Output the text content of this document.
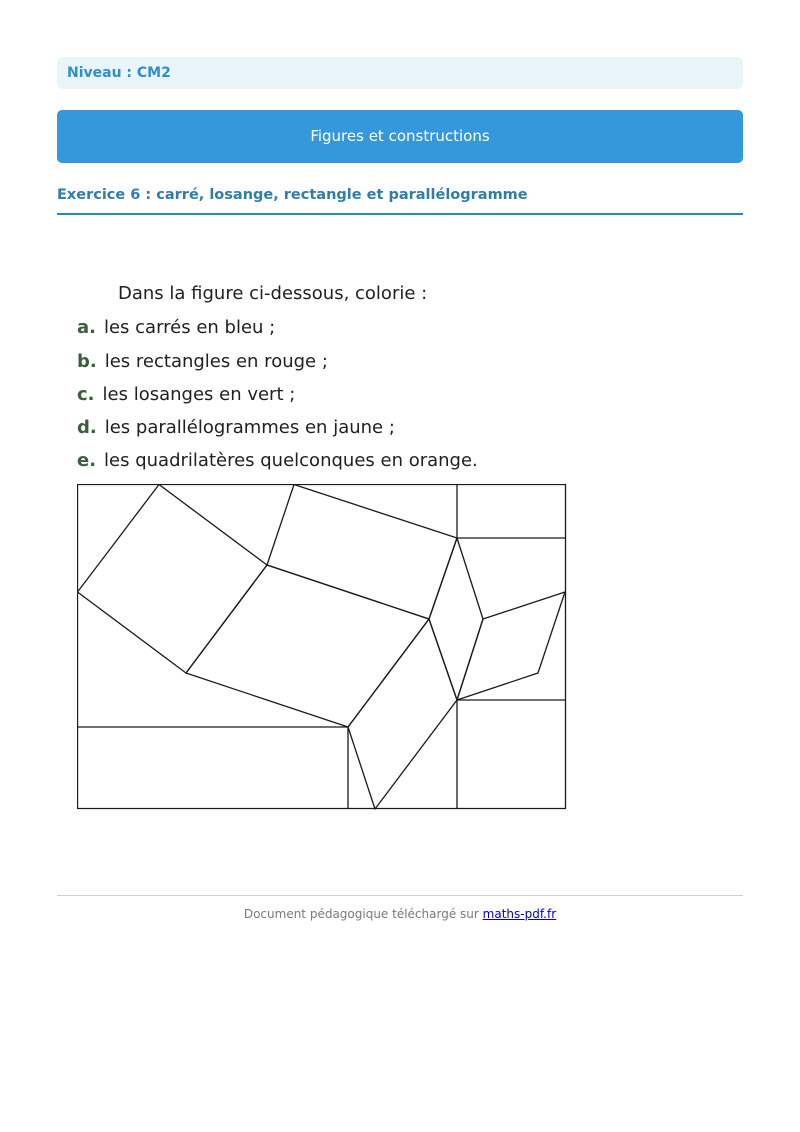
Niveau : CM2
Figures et constructions
Exercice 6 : carré, losange, rectangle et parallélogramme
Dans la figure ci-dessous, colorie :
a. les carrés en bleu ;
b. les rectangles en rouge ;
c. les losanges en vert ;
d. les parallélogrammes en jaune ;
e. les quadrilatères quelconques en orange.
Document pédagogique téléchargé sur maths-pdf.fr
